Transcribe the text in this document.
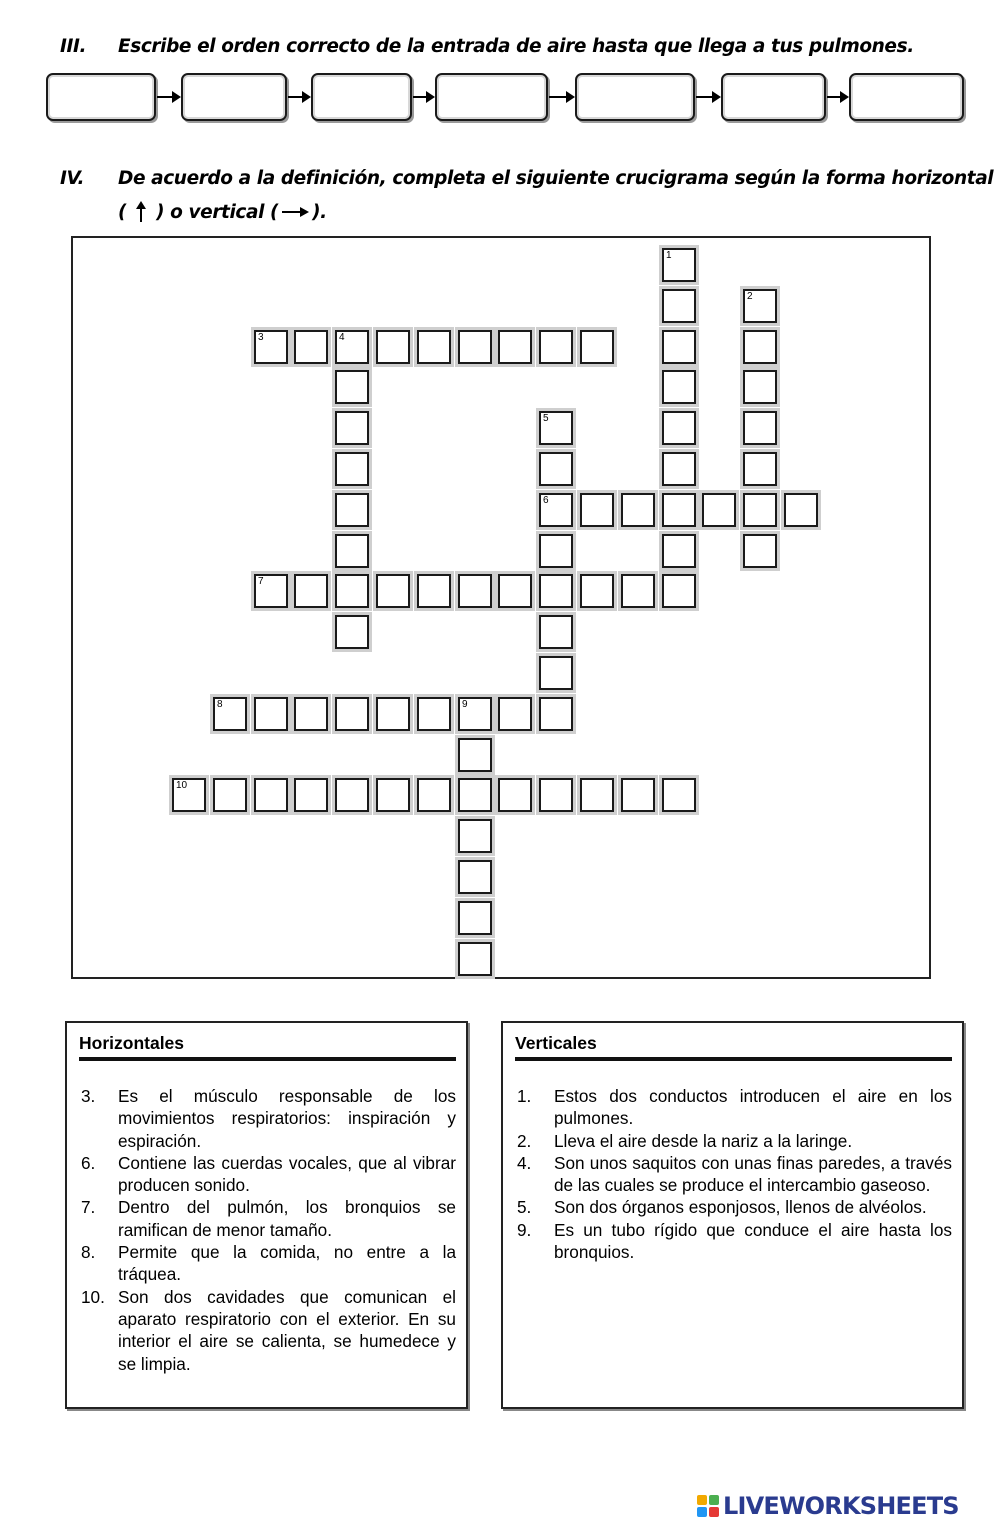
III. Escribe el orden correcto de la entrada de aire hasta que llega a tus pulmones.
IV. De acuerdo a la definición, completa el siguiente crucigrama según la forma horizontal
( ) o vertical ( ).
1
2
3	4
5
6
7
8	9
10
Horizontales
3.	Es el músculo responsable de los movimientos respiratorios: inspiración y espiración.
6.	Contiene las cuerdas vocales, que al vibrar producen sonido.
7.	Dentro del pulmón, los bronquios se ramifican de menor tamaño.
8.	Permite que la comida, no entre a la tráquea.
10. Son dos cavidades que comunican el aparato respiratorio con el exterior. En su interior el aire se calienta, se humedece y se limpia.
Verticales
1.	Estos dos conductos introducen el aire en los pulmones.
2.	Lleva el aire desde la nariz a la laringe.
4.	Son unos saquitos con unas finas paredes, a través de las cuales se produce el intercambio gaseoso.
5.	Son dos órganos esponjosos, llenos de alvéolos.
9.	Es un tubo rígido que conduce el aire hasta los bronquios.
LIVEWORKSHEETS
